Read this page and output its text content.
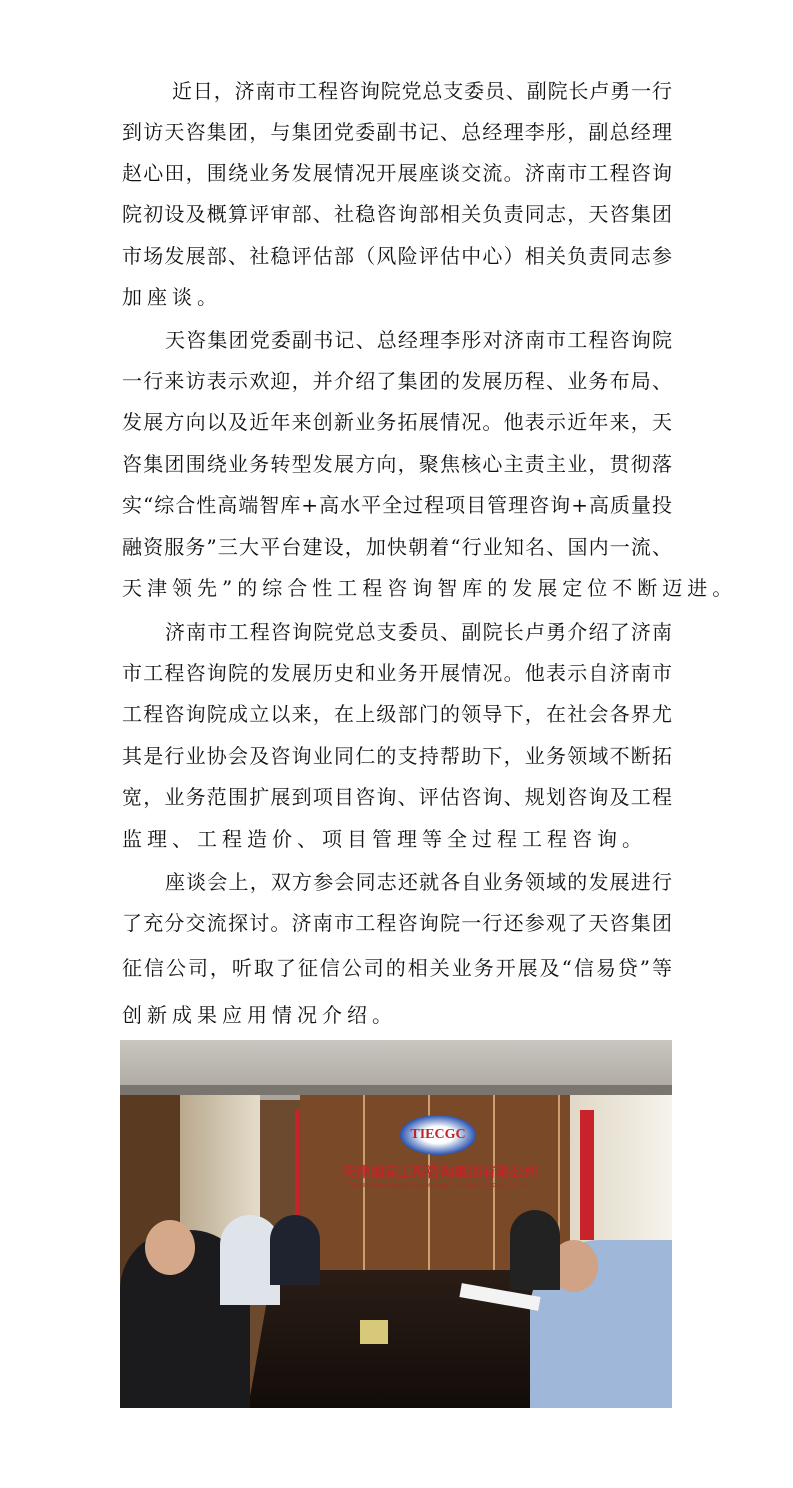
近日，济南市工程咨询院党总支委员、副院长卢勇一行
到访天咨集团，与集团党委副书记、总经理李彤，副总经理
赵心田，围绕业务发展情况开展座谈交流。济南市工程咨询
院初设及概算评审部、社稳咨询部相关负责同志，天咨集团
市场发展部、社稳评估部（风险评估中心）相关负责同志参
加座谈。
天咨集团党委副书记、总经理李彤对济南市工程咨询院
一行来访表示欢迎，并介绍了集团的发展历程、业务布局、
发展方向以及近年来创新业务拓展情况。他表示近年来，天
咨集团围绕业务转型发展方向，聚焦核心主责主业，贯彻落
实“综合性高端智库+高水平全过程项目管理咨询+高质量投
融资服务”三大平台建设，加快朝着“行业知名、国内一流、
天津领先”的综合性工程咨询智库的发展定位不断迈进。
济南市工程咨询院党总支委员、副院长卢勇介绍了济南
市工程咨询院的发展历史和业务开展情况。他表示自济南市
工程咨询院成立以来，在上级部门的领导下，在社会各界尤
其是行业协会及咨询业同仁的支持帮助下，业务领域不断拓
宽，业务范围扩展到项目咨询、评估咨询、规划咨询及工程
监理、工程造价、项目管理等全过程工程咨询。
座谈会上，双方参会同志还就各自业务领域的发展进行
了充分交流探讨。济南市工程咨询院一行还参观了天咨集团
征信公司，听取了征信公司的相关业务开展及“信易贷”等
创新成果应用情况介绍。
TIECGC
天津国际工程咨询集团有限公司
Tianjin International Engineering Consulting Group Co., Ltd.
